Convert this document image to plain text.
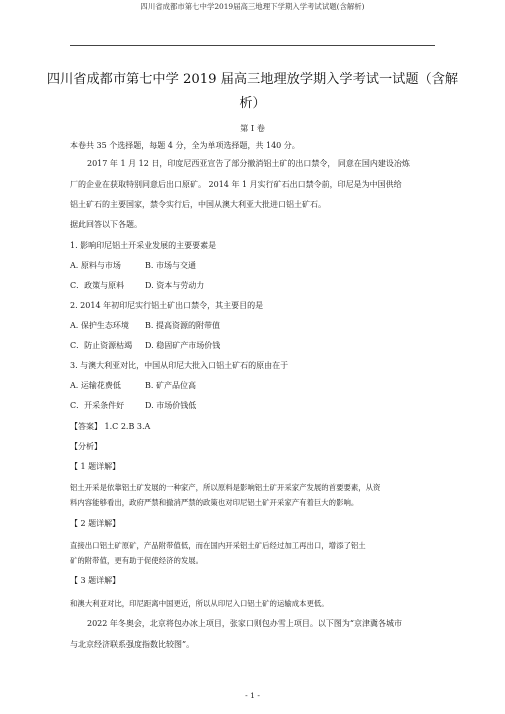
四川省成都市第七中学2019届高三地理下学期入学考试试题(含解析)
四川省成都市第七中学 2019 届高三地理放学期入学考试一试题（含解
析）
第 I 卷
本卷共 35 个选择题，每题 4 分，全为单项选择题，共 140 分。
2017 年 1 月 12 日，印度尼西亚宣告了部分撤消铝土矿的出口禁令， 同意在国内建设冶炼
厂的企业在获取特别同意后出口原矿。 2014 年 1 月实行矿石出口禁令前，印尼是为中国供给
铝土矿石的主要国家，禁令实行后，中国从澳大利亚大批进口铝土矿石。
据此回答以下各题。
1. 影响印尼铝土开采业发展的主要要素是
A. 原料与市场	B. 市场与交通
C．政策与原料	D. 资本与劳动力
2. 2014 年初印尼实行铝土矿出口禁令，其主要目的是
A. 保护生态环境 B. 提高资源的附带值
C．防止资源枯竭 D. 稳固矿产市场价钱
3. 与澳大利亚对比，中国从印尼大批入口铝土矿石的原由在于
A. 运输花费低	B. 矿产品位高
C．开采条件好	D. 市场价钱低
【答案】 1.C 2.B 3.A
【分析】
【 1 题详解】
铝土开采是依靠铝土矿发展的一种家产，所以原料是影响铝土矿开采家产发展的首要要素，从资
料内容能够看出，政府严禁和撤消严禁的政策也对印尼铝土矿开采家产有着巨大的影响。
【 2 题详解】
直接出口铝土矿原矿，产品附带值低，而在国内开采铝土矿后经过加工再出口，增添了铝土
矿的附带值，更有助于促使经济的发展。
【 3 题详解】
和澳大利亚对比，印尼距离中国更近，所以从印尼入口铝土矿的运输成本更低。
2022 年冬奥会，北京将包办冰上项目，张家口则包办雪上项目。以下图为“京津冀各城市
与北京经济联系强度指数比较图”。
- 1 -
